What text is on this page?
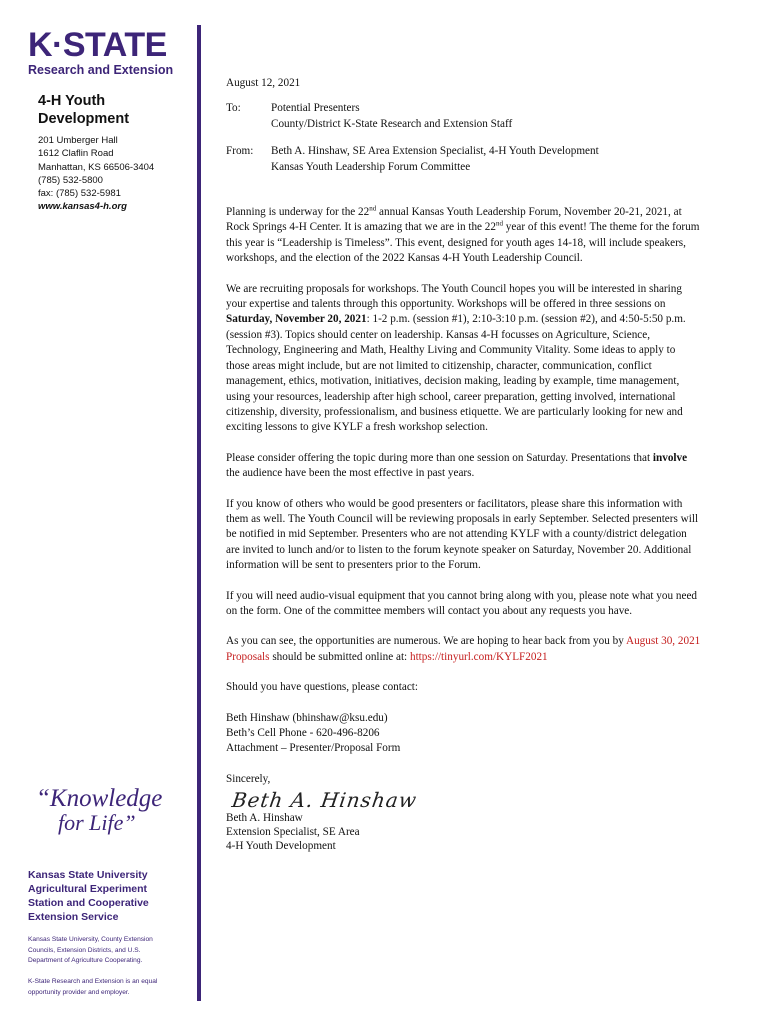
K·STATE
Research and Extension
4-H Youth
Development
201 Umberger Hall
1612 Claflin Road
Manhattan, KS 66506-3404
(785) 532-5800
fax: (785) 532-5981
www.kansas4-h.org
“Knowledge
for Life”
Kansas State University
Agricultural Experiment
Station and Cooperative
Extension Service
Kansas State University, County Extension
Councils, Extension Districts, and U.S.
Department of Agriculture Cooperating.
K-State Research and Extension is an equal
opportunity provider and employer.
August 12, 2021
To:	Potential Presenters
County/District K-State Research and Extension Staff
From:	Beth A. Hinshaw, SE Area Extension Specialist, 4-H Youth Development
Kansas Youth Leadership Forum Committee

Planning is underway for the 22nd annual Kansas Youth Leadership Forum, November 20-21, 2021, at Rock Springs 4-H Center. It is amazing that we are in the 22nd year of this event! The theme for the forum this year is “Leadership is Timeless”. This event, designed for youth ages 14-18, will include speakers, workshops, and the election of the 2022 Kansas 4-H Youth Leadership Council.

We are recruiting proposals for workshops. The Youth Council hopes you will be interested in sharing your expertise and talents through this opportunity. Workshops will be offered in three sessions on Saturday, November 20, 2021: 1-2 p.m. (session #1), 2:10-3:10 p.m. (session #2), and 4:50-5:50 p.m. (session #3). Topics should center on leadership. Kansas 4-H focusses on Agriculture, Science, Technology, Engineering and Math, Healthy Living and Community Vitality. Some ideas to apply to those areas might include, but are not limited to citizenship, character, communication, conflict management, ethics, motivation, initiatives, decision making, leading by example, time management, using your resources, leadership after high school, career preparation, getting involved, international citizenship, diversity, professionalism, and business etiquette. We are particularly looking for new and exciting lessons to give KYLF a fresh workshop selection.

Please consider offering the topic during more than one session on Saturday. Presentations that involve the audience have been the most effective in past years.

If you know of others who would be good presenters or facilitators, please share this information with them as well. The Youth Council will be reviewing proposals in early September. Selected presenters will be notified in mid September. Presenters who are not attending KYLF with a county/district delegation are invited to lunch and/or to listen to the forum keynote speaker on Saturday, November 20. Additional information will be sent to presenters prior to the Forum.

If you will need audio-visual equipment that you cannot bring along with you, please note what you need on the form. One of the committee members will contact you about any requests you have.

As you can see, the opportunities are numerous. We are hoping to hear back from you by August 30, 2021 Proposals should be submitted online at: https://tinyurl.com/KYLF2021

Should you have questions, please contact:

Beth Hinshaw (bhinshaw@ksu.edu)
Beth’s Cell Phone - 620-496-8206
Attachment – Presenter/Proposal Form

Sincerely,
Beth A. Hinshaw
Beth A. Hinshaw
Extension Specialist, SE Area
4-H Youth Development
